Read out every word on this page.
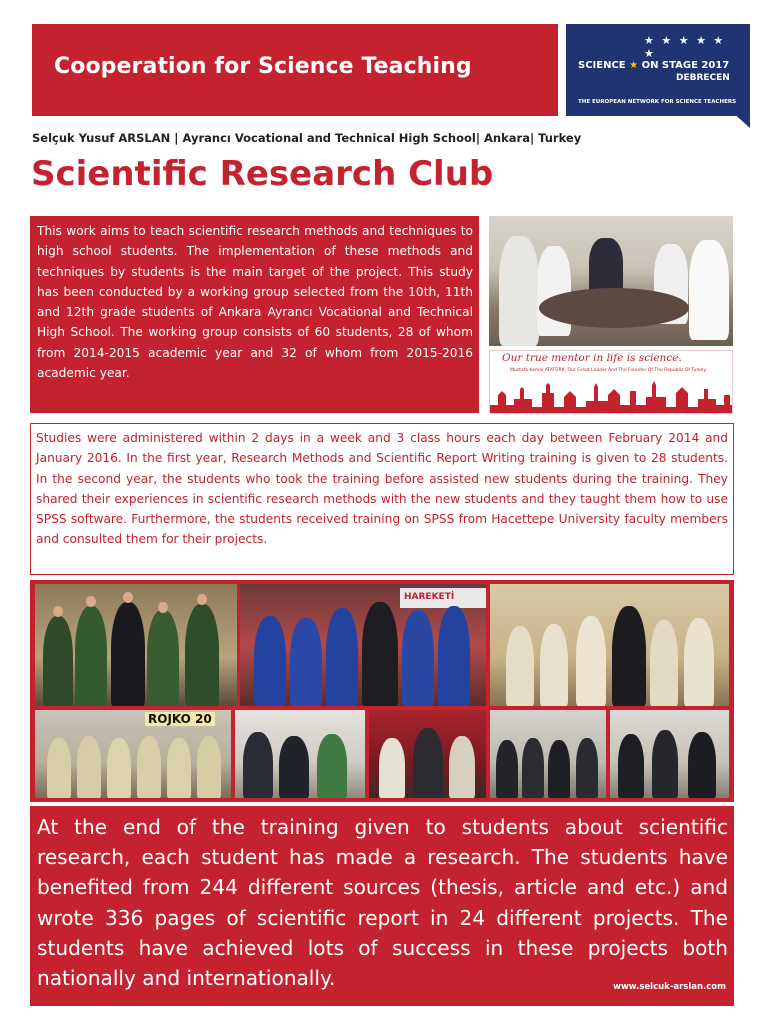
Cooperation for Science Teaching
★ ★ ★ ★ ★ ★
SCIENCE ★ ON STAGE 2017
DEBRECEN
THE EUROPEAN NETWORK FOR SCIENCE TEACHERS
Selçuk Yusuf ARSLAN | Ayrancı Vocational and Technical High School| Ankara| Turkey
Scientific Research Club
This work aims to teach scientific research methods and techniques to high school students. The implementation of these methods and techniques by students is the main target of the project. This study has been conducted by a working group selected from the 10th, 11th and 12th grade students of Ankara Ayrancı Vocational and Technical High School. The working group consists of 60 students, 28 of whom from 2014-2015 academic year and 32 of whom from 2015-2016 academic year.
Our true mentor in life is science.
Mustafa Kemal ATATÜRK, Our Great Leader And The Founder Of The Republic Of Turkey.
Studies were administered within 2 days in a week and 3 class hours each day between February 2014 and January 2016. In the first year, Research Methods and Scientific Report Writing training is given to 28 students. In the second year, the students who took the training before assisted new students during the training. They shared their experiences in scientific research methods with the new students and they taught them how to use SPSS software. Furthermore, the students received training on SPSS from Hacettepe University faculty members and consulted them for their projects.
HAREKETİ
ROJKO 20
At the end of the training given to students about scientific research, each student has made a research. The students have benefited from 244 different sources (thesis, article and etc.) and wrote 336 pages of scientific report in 24 different projects. The students have achieved lots of success in these projects both nationally and internationally.	www.selcuk-arslan.com
